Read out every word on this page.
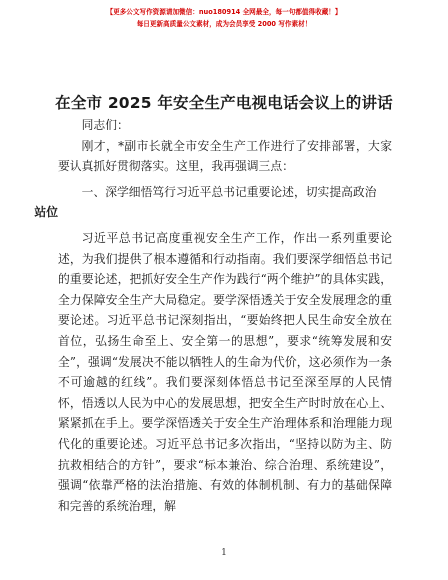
【更多公文写作资源请加微信：nuo180914 全网最全，每一句都值得收藏！】
每日更新高质量公文素材，成为会员享受 2000 写作素材！
在全市 2025 年安全生产电视电话会议上的讲话

同志们：

刚才，*副市长就全市安全生产工作进行了安排部署，大家要认真抓好贯彻落实。这里，我再强调三点：

一、深学细悟笃行习近平总书记重要论述，切实提高政治
站位

习近平总书记高度重视安全生产工作，作出一系列重要论述，为我们提供了根本遵循和行动指南。我们要深学细悟总书记的重要论述，把抓好安全生产作为践行“两个维护”的具体实践，全力保障安全生产大局稳定。要学深悟透关于安全发展理念的重要论述。习近平总书记深刻指出，“要始终把人民生命安全放在首位，弘扬生命至上、安全第一的思想”，要求“统筹发展和安全”，强调“发展决不能以牺牲人的生命为代价，这必须作为一条不可逾越的红线”。我们要深刻体悟总书记至深至厚的人民情怀，悟透以人民为中心的发展思想，把安全生产时时放在心上、紧紧抓在手上。要学深悟透关于安全生产治理体系和治理能力现代化的重要论述。习近平总书记多次指出，“坚持以防为主、防抗救相结合的方针”，要求“标本兼治、综合治理、系统建设”，强调“依靠严格的法治措施、有效的体制机制、有力的基础保障和完善的系统治理，解

1
